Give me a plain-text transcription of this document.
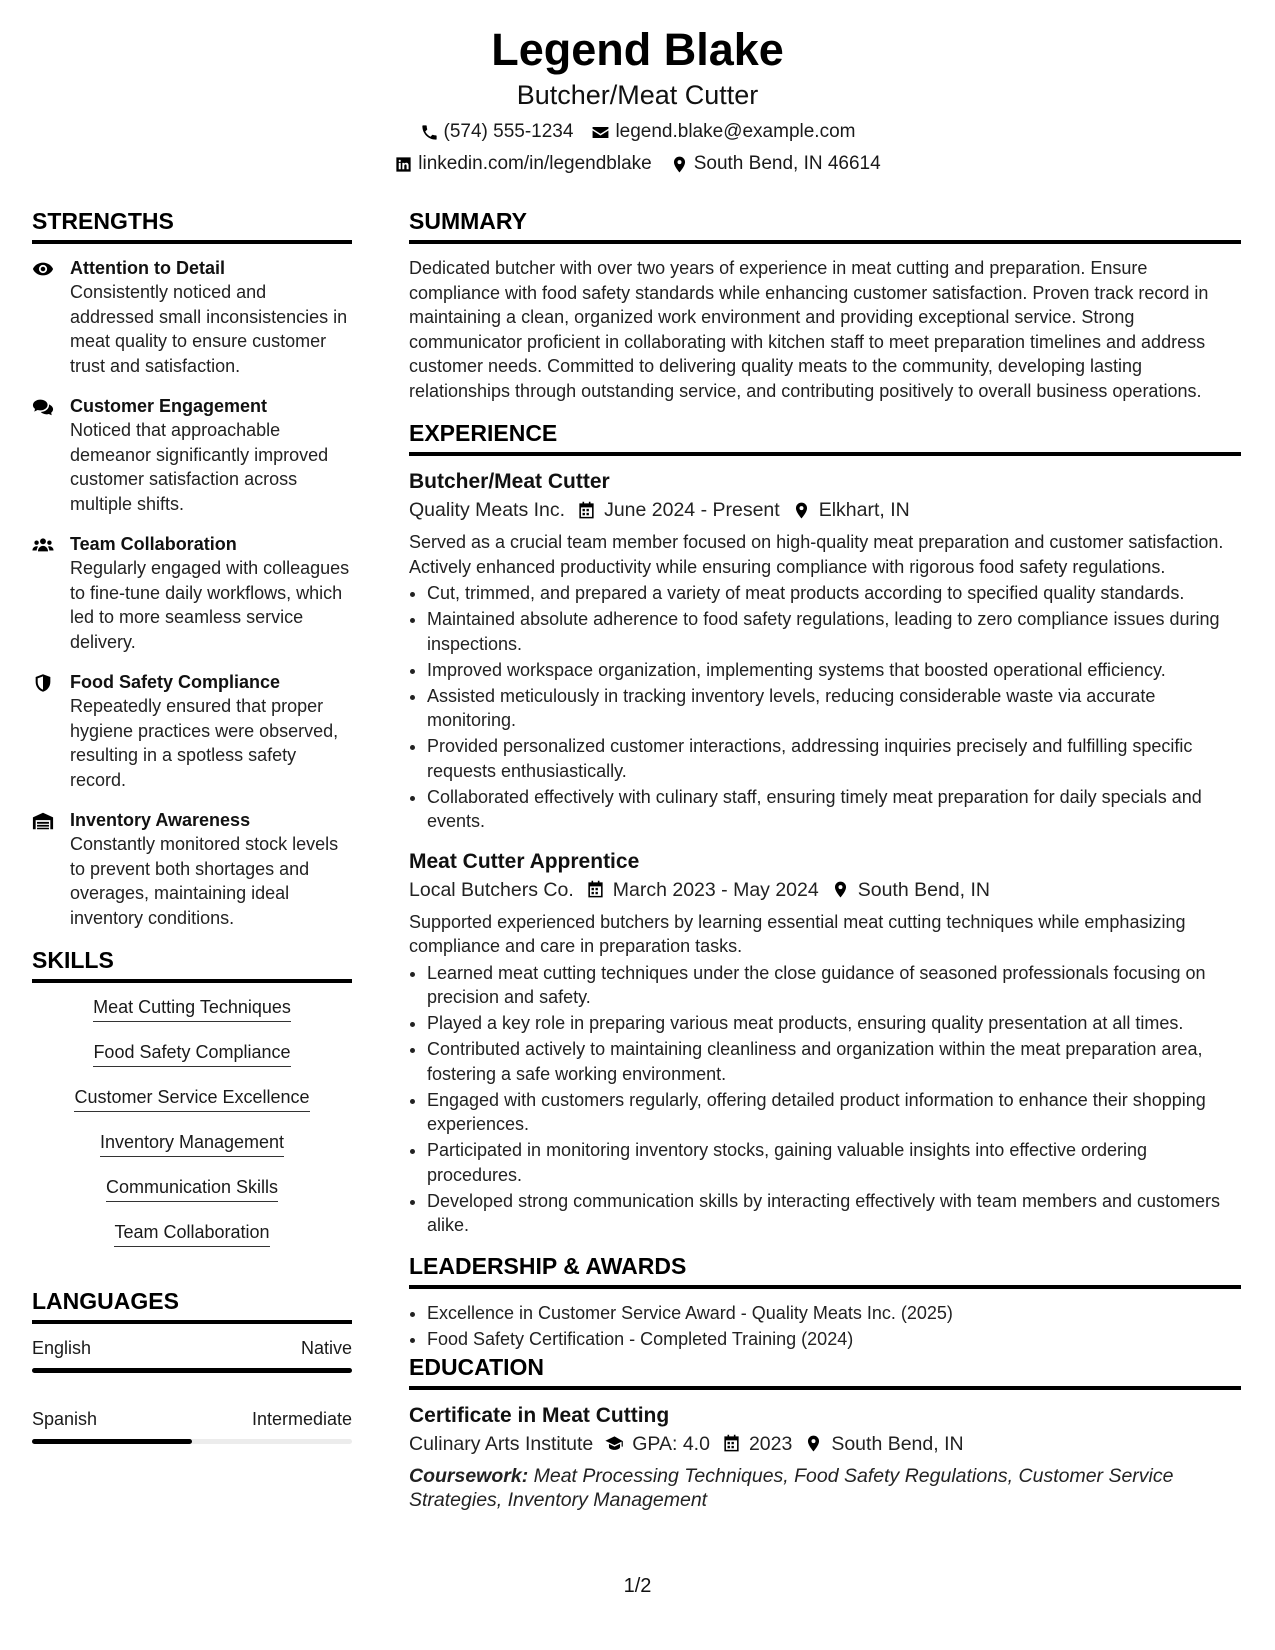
Legend Blake
Butcher/Meat Cutter
(574) 555-1234 legend.blake@example.com
linkedin.com/in/legendblake South Bend, IN 46614
STRENGTHS
Attention to Detail
Consistently noticed and addressed small inconsistencies in meat quality to ensure customer trust and satisfaction.
Customer Engagement
Noticed that approachable demeanor significantly improved customer satisfaction across multiple shifts.
Team Collaboration
Regularly engaged with colleagues to fine-tune daily workflows, which led to more seamless service delivery.
Food Safety Compliance
Repeatedly ensured that proper hygiene practices were observed, resulting in a spotless safety record.
Inventory Awareness
Constantly monitored stock levels to prevent both shortages and overages, maintaining ideal inventory conditions.
SKILLS
Meat Cutting Techniques
Food Safety Compliance
Customer Service Excellence
Inventory Management
Communication Skills
Team Collaboration
LANGUAGES
English	Native
Spanish	Intermediate
SUMMARY
Dedicated butcher with over two years of experience in meat cutting and preparation. Ensure compliance with food safety standards while enhancing customer satisfaction. Proven track record in maintaining a clean, organized work environment and providing exceptional service. Strong communicator proficient in collaborating with kitchen staff to meet preparation timelines and address customer needs. Committed to delivering quality meats to the community, developing lasting relationships through outstanding service, and contributing positively to overall business operations.
EXPERIENCE
Butcher/Meat Cutter
Quality Meats Inc. June 2024 - Present Elkhart, IN
Served as a crucial team member focused on high-quality meat preparation and customer satisfaction. Actively enhanced productivity while ensuring compliance with rigorous food safety regulations.
• Cut, trimmed, and prepared a variety of meat products according to specified quality standards.
• Maintained absolute adherence to food safety regulations, leading to zero compliance issues during inspections.
• Improved workspace organization, implementing systems that boosted operational efficiency.
• Assisted meticulously in tracking inventory levels, reducing considerable waste via accurate monitoring.
• Provided personalized customer interactions, addressing inquiries precisely and fulfilling specific requests enthusiastically.
• Collaborated effectively with culinary staff, ensuring timely meat preparation for daily specials and events.
Meat Cutter Apprentice
Local Butchers Co. March 2023 - May 2024 South Bend, IN
Supported experienced butchers by learning essential meat cutting techniques while emphasizing compliance and care in preparation tasks.
• Learned meat cutting techniques under the close guidance of seasoned professionals focusing on precision and safety.
• Played a key role in preparing various meat products, ensuring quality presentation at all times.
• Contributed actively to maintaining cleanliness and organization within the meat preparation area, fostering a safe working environment.
• Engaged with customers regularly, offering detailed product information to enhance their shopping experiences.
• Participated in monitoring inventory stocks, gaining valuable insights into effective ordering procedures.
• Developed strong communication skills by interacting effectively with team members and customers alike.
LEADERSHIP & AWARDS
• Excellence in Customer Service Award - Quality Meats Inc. (2025)
• Food Safety Certification - Completed Training (2024)
EDUCATION
Certificate in Meat Cutting
Culinary Arts Institute GPA: 4.0 2023 South Bend, IN
Coursework: Meat Processing Techniques, Food Safety Regulations, Customer Service Strategies, Inventory Management
1/2
